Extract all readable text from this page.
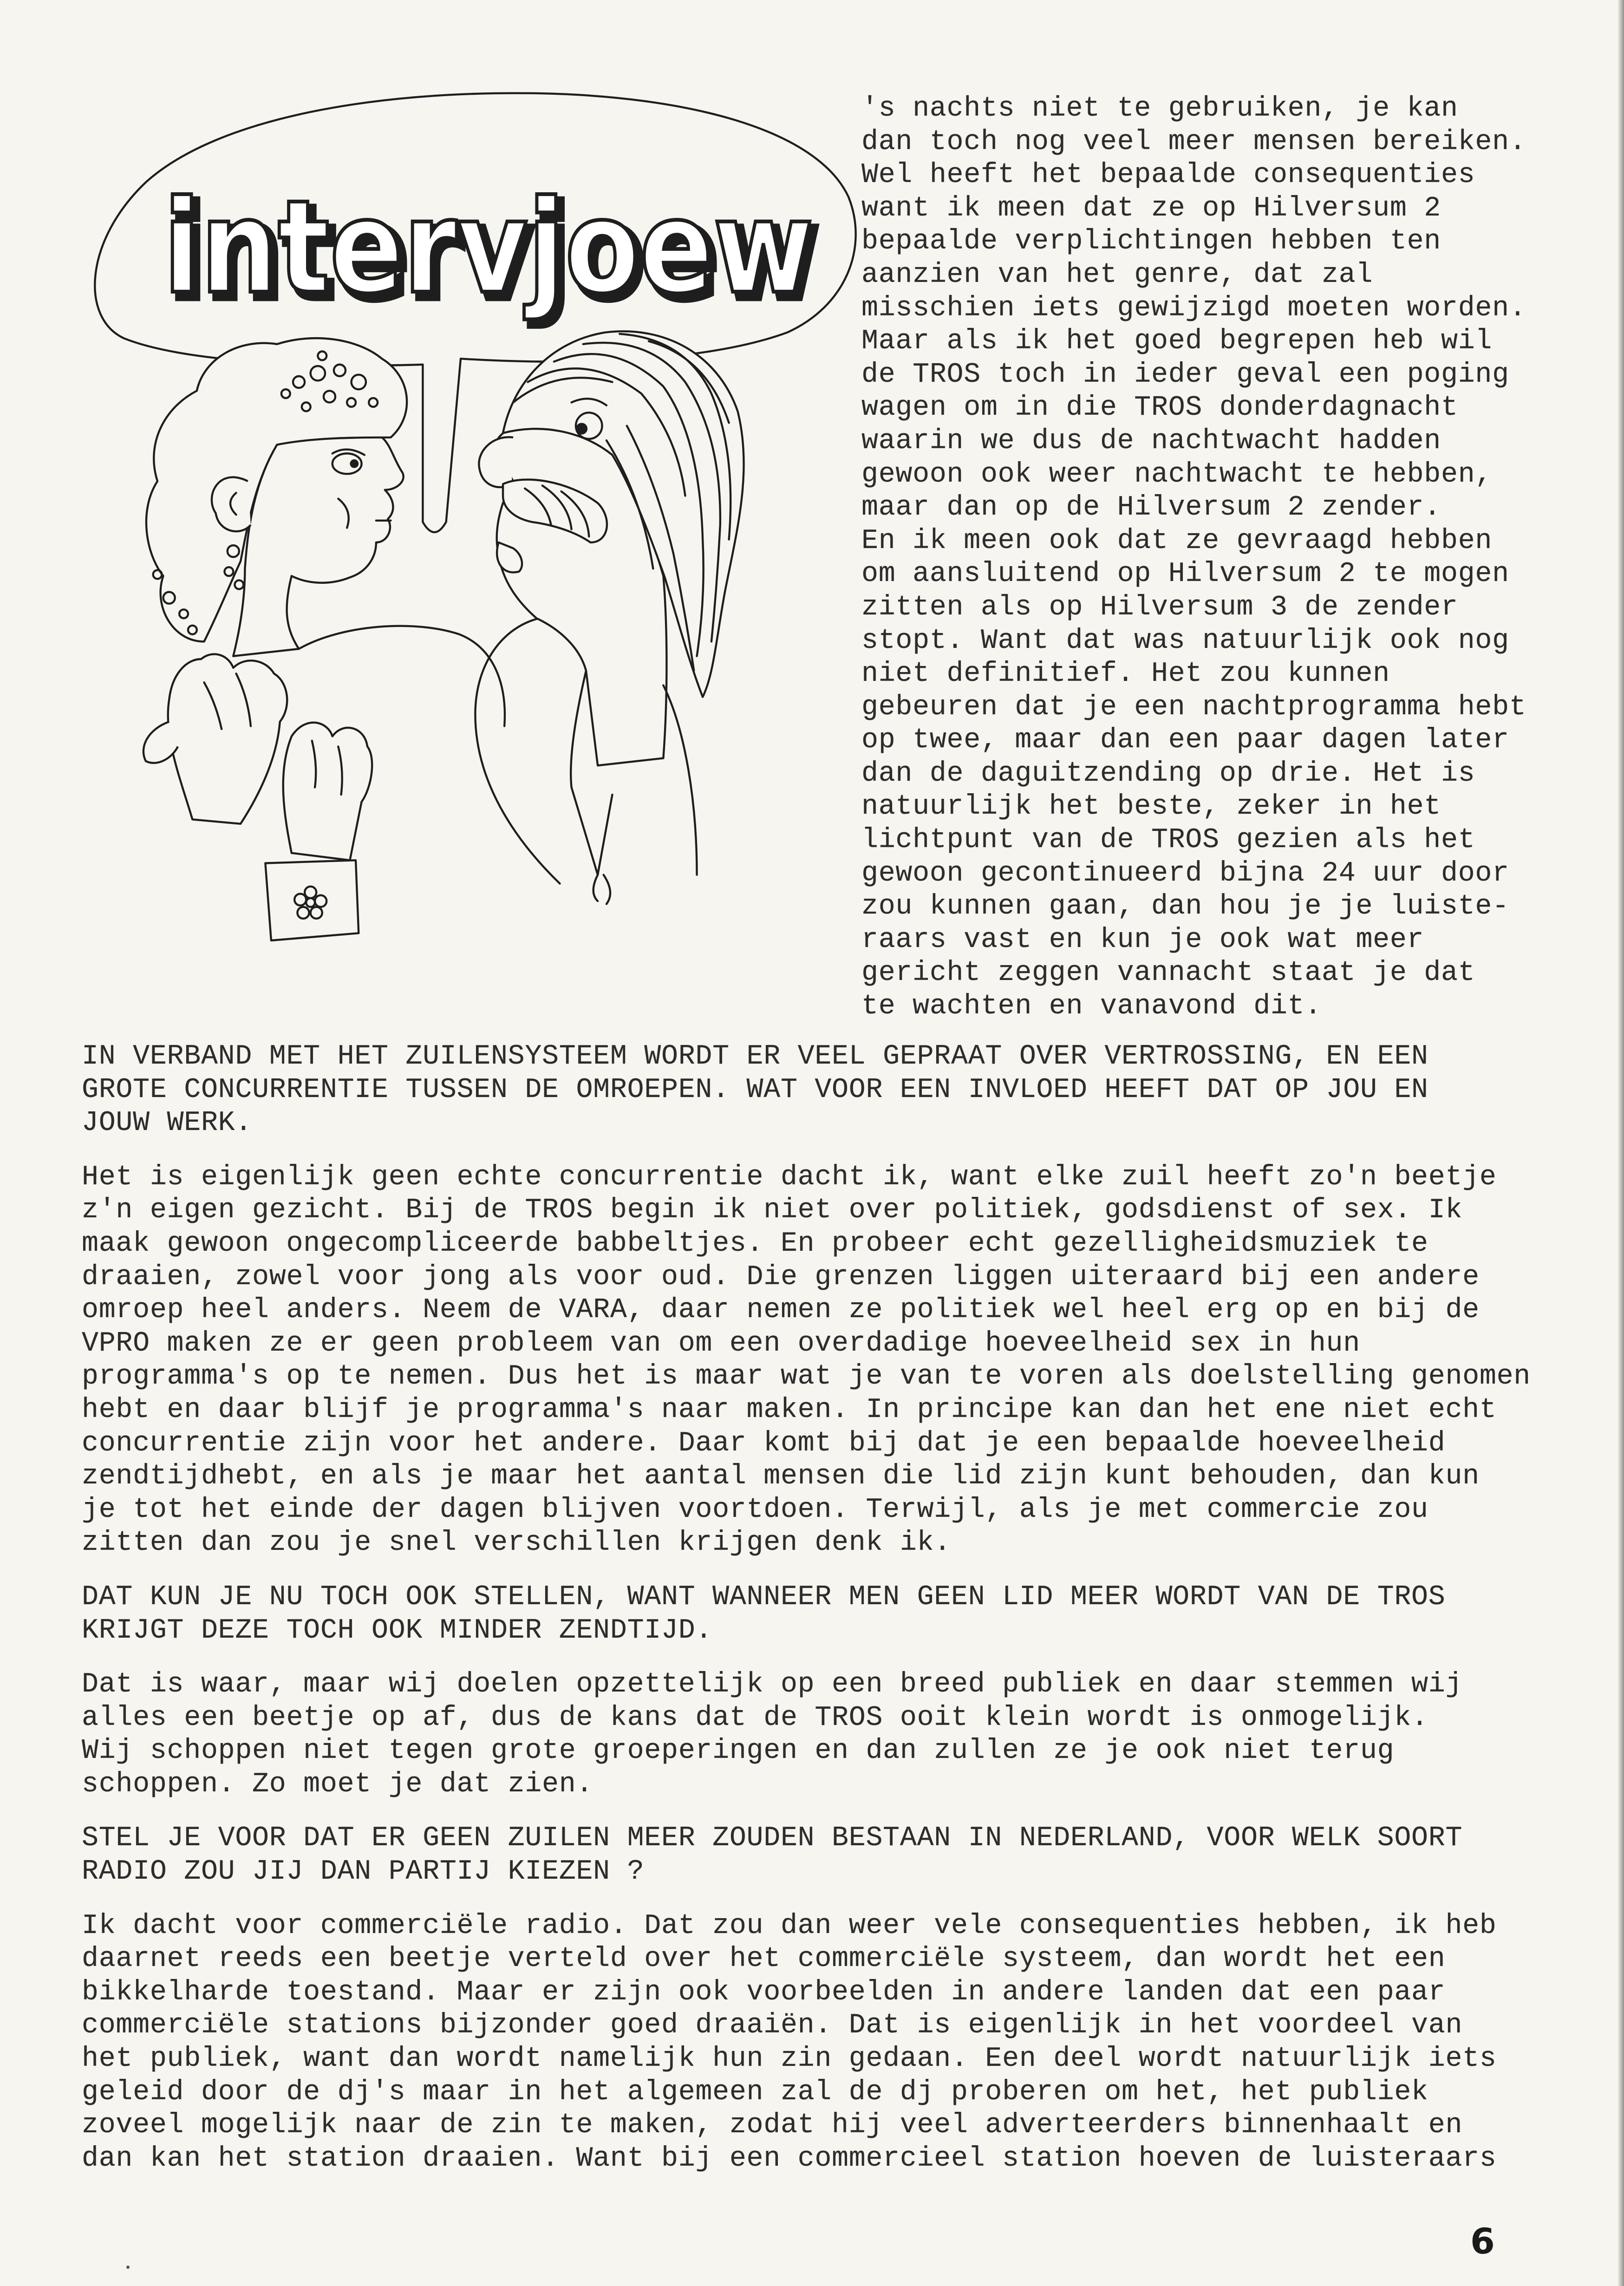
intervjoew
intervjoew
's nachts niet te gebruiken, je kan
dan toch nog veel meer mensen bereiken.
Wel heeft het bepaalde consequenties
want ik meen dat ze op Hilversum 2
bepaalde verplichtingen hebben ten
aanzien van het genre, dat zal
misschien iets gewijzigd moeten worden.
Maar als ik het goed begrepen heb wil
de TROS toch in ieder geval een poging
wagen om in die TROS donderdagnacht
waarin we dus de nachtwacht hadden
gewoon ook weer nachtwacht te hebben,
maar dan op de Hilversum 2 zender.
En ik meen ook dat ze gevraagd hebben
om aansluitend op Hilversum 2 te mogen
zitten als op Hilversum 3 de zender
stopt. Want dat was natuurlijk ook nog
niet definitief. Het zou kunnen
gebeuren dat je een nachtprogramma hebt
op twee, maar dan een paar dagen later
dan de daguitzending op drie. Het is
natuurlijk het beste, zeker in het
lichtpunt van de TROS gezien als het
gewoon gecontinueerd bijna 24 uur door
zou kunnen gaan, dan hou je je luiste-
raars vast en kun je ook wat meer
gericht zeggen vannacht staat je dat
te wachten en vanavond dit.
IN VERBAND MET HET ZUILENSYSTEEM WORDT ER VEEL GEPRAAT OVER VERTROSSING, EN EEN
GROTE CONCURRENTIE TUSSEN DE OMROEPEN. WAT VOOR EEN INVLOED HEEFT DAT OP JOU EN
JOUW WERK.
Het is eigenlijk geen echte concurrentie dacht ik, want elke zuil heeft zo'n beetje
z'n eigen gezicht. Bij de TROS begin ik niet over politiek, godsdienst of sex. Ik
maak gewoon ongecompliceerde babbeltjes. En probeer echt gezelligheidsmuziek te
draaien, zowel voor jong als voor oud. Die grenzen liggen uiteraard bij een andere
omroep heel anders. Neem de VARA, daar nemen ze politiek wel heel erg op en bij de
VPRO maken ze er geen probleem van om een overdadige hoeveelheid sex in hun
programma's op te nemen. Dus het is maar wat je van te voren als doelstelling genomen
hebt en daar blijf je programma's naar maken. In principe kan dan het ene niet echt
concurrentie zijn voor het andere. Daar komt bij dat je een bepaalde hoeveelheid
zendtijdhebt, en als je maar het aantal mensen die lid zijn kunt behouden, dan kun
je tot het einde der dagen blijven voortdoen. Terwijl, als je met commercie zou
zitten dan zou je snel verschillen krijgen denk ik.
DAT KUN JE NU TOCH OOK STELLEN, WANT WANNEER MEN GEEN LID MEER WORDT VAN DE TROS
KRIJGT DEZE TOCH OOK MINDER ZENDTIJD.
Dat is waar, maar wij doelen opzettelijk op een breed publiek en daar stemmen wij
alles een beetje op af, dus de kans dat de TROS ooit klein wordt is onmogelijk.
Wij schoppen niet tegen grote groeperingen en dan zullen ze je ook niet terug
schoppen. Zo moet je dat zien.
STEL JE VOOR DAT ER GEEN ZUILEN MEER ZOUDEN BESTAAN IN NEDERLAND, VOOR WELK SOORT
RADIO ZOU JIJ DAN PARTIJ KIEZEN ?
Ik dacht voor commerciële radio. Dat zou dan weer vele consequenties hebben, ik heb
daarnet reeds een beetje verteld over het commerciële systeem, dan wordt het een
bikkelharde toestand. Maar er zijn ook voorbeelden in andere landen dat een paar
commerciële stations bijzonder goed draaiën. Dat is eigenlijk in het voordeel van
het publiek, want dan wordt namelijk hun zin gedaan. Een deel wordt natuurlijk iets
geleid door de dj's maar in het algemeen zal de dj proberen om het, het publiek
zoveel mogelijk naar de zin te maken, zodat hij veel adverteerders binnenhaalt en
dan kan het station draaien. Want bij een commercieel station hoeven de luisteraars
6
